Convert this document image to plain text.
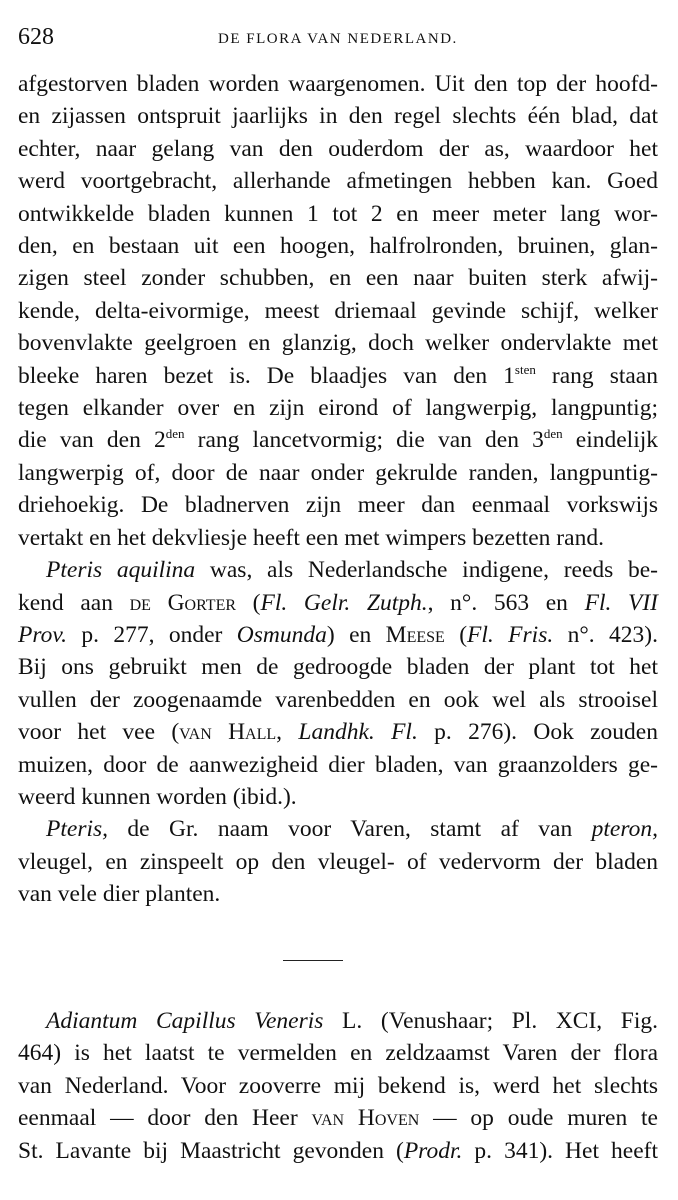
628	DE FLORA VAN NEDERLAND.
afgestorven bladen worden waargenomen. Uit den top der hoofd-
en zijassen ontspruit jaarlijks in den regel slechts één blad, dat
echter, naar gelang van den ouderdom der as, waardoor het
werd voortgebracht, allerhande afmetingen hebben kan. Goed
ontwikkelde bladen kunnen 1 tot 2 en meer meter lang wor-
den, en bestaan uit een hoogen, halfrolronden, bruinen, glan-
zigen steel zonder schubben, en een naar buiten sterk afwij-
kende, delta-eivormige, meest driemaal gevinde schijf, welker
bovenvlakte geelgroen en glanzig, doch welker ondervlakte met
bleeke haren bezet is. De blaadjes van den $1^{sten}$ rang staan
tegen elkander over en zijn eirond of langwerpig, langpuntig;
die van den $2^{den}$ rang lancetvormig; die van den $3^{den}$ eindelijk
langwerpig of, door de naar onder gekrulde randen, langpuntig-
driehoekig. De bladnerven zijn meer dan eenmaal vorkswijs
vertakt en het dekvliesje heeft een met wimpers bezetten rand.
Pteris aquilina was, als Nederlandsche indigene, reeds be-
kend aan de Gorter (Fl. Gelr. Zutph., n°. 563 en Fl. VII
Prov. p. 277, onder Osmunda) en Meese (Fl. Fris. n°. 423).
Bij ons gebruikt men de gedroogde bladen der plant tot het
vullen der zoogenaamde varenbedden en ook wel als strooisel
voor het vee (van Hall, Landhk. Fl. p. 276). Ook zouden
muizen, door de aanwezigheid dier bladen, van graanzolders ge-
weerd kunnen worden (ibid.).
Pteris, de Gr. naam voor Varen, stamt af van pteron,
vleugel, en zinspeelt op den vleugel- of vedervorm der bladen
van vele dier planten.
Adiantum Capillus Veneris L. (Venushaar; Pl. XCI, Fig.
464) is het laatst te vermelden en zeldzaamst Varen der flora
van Nederland. Voor zooverre mij bekend is, werd het slechts
eenmaal — door den Heer van Hoven — op oude muren te
St. Lavante bij Maastricht gevonden (Prodr. p. 341). Het heeft
